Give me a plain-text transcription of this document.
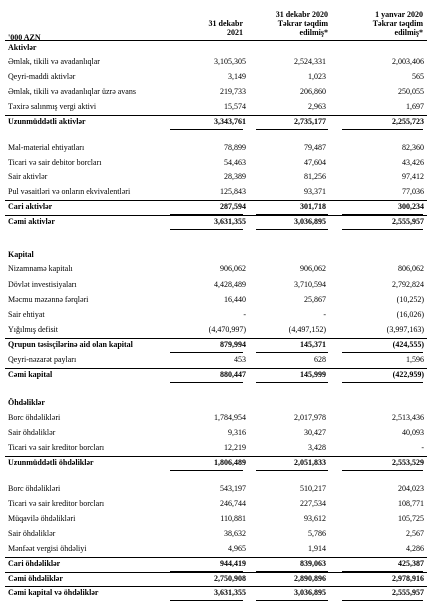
'000 AZN
31 dekabr
2021
31 dekabr 2020
Təkrar təqdim
edilmiş*
1 yanvar 2020
Təkrar təqdim
edilmiş*
Aktivlər
Əmlak, tikili və avadanlıqlar	3,105,305	2,524,331	2,003,406
Qeyri-maddi aktivlər	3,149	1,023	565
Əmlak, tikili və avadanlıqlar üzrə avans	219,733	206,860	250,055
Təxirə salınmış vergi aktivi	15,574	2,963	1,697
Uzunmüddətli aktivlər	3,343,761	2,735,177	2,255,723
Mal-material ehtiyatları	78,899	79,487	82,360
Ticari və sair debitor borcları	54,463	47,604	43,426
Sair aktivlər	28,389	81,256	97,412
Pul vəsaitləri və onların ekvivalentləri	125,843	93,371	77,036
Cari aktivlər	287,594	301,718	300,234
Cəmi aktivlər	3,631,355	3,036,895	2,555,957
Kapital
Nizamnamə kapitalı	906,062	906,062	806,062
Dövlət investisiyaları	4,428,489	3,710,594	2,792,824
Məcmu məzənnə fərqləri	16,440	25,867	(10,252)
Sair ehtiyat	-	-	(16,026)
Yığılmış defisit	(4,470,997)	(4,497,152)	(3,997,163)
Qrupun təsisçilərinə aid olan kapital	879,994	145,371	(424,555)
Qeyri-nəzarət payları	453	628	1,596
Cəmi kapital	880,447	145,999	(422,959)
Öhdəliklər
Borc öhdəlikləri	1,784,954	2,017,978	2,513,436
Sair öhdəliklər	9,316	30,427	40,093
Ticari və sair kreditor borcları	12,219	3,428	-
Uzunmüddətli öhdəliklər	1,806,489	2,051,833	2,553,529
Borc öhdəlikləri	543,197	510,217	204,023
Ticari və sair kreditor borcları	246,744	227,534	108,771
Müqavilə öhdəlikləri	110,881	93,612	105,725
Sair öhdəliklər	38,632	5,786	2,567
Mənfəət vergisi öhdəliyi	4,965	1,914	4,286
Cari öhdəliklər	944,419	839,063	425,387
Cəmi öhdəliklər	2,750,908	2,890,896	2,978,916
Cəmi kapital və öhdəliklər	3,631,355	3,036,895	2,555,957
